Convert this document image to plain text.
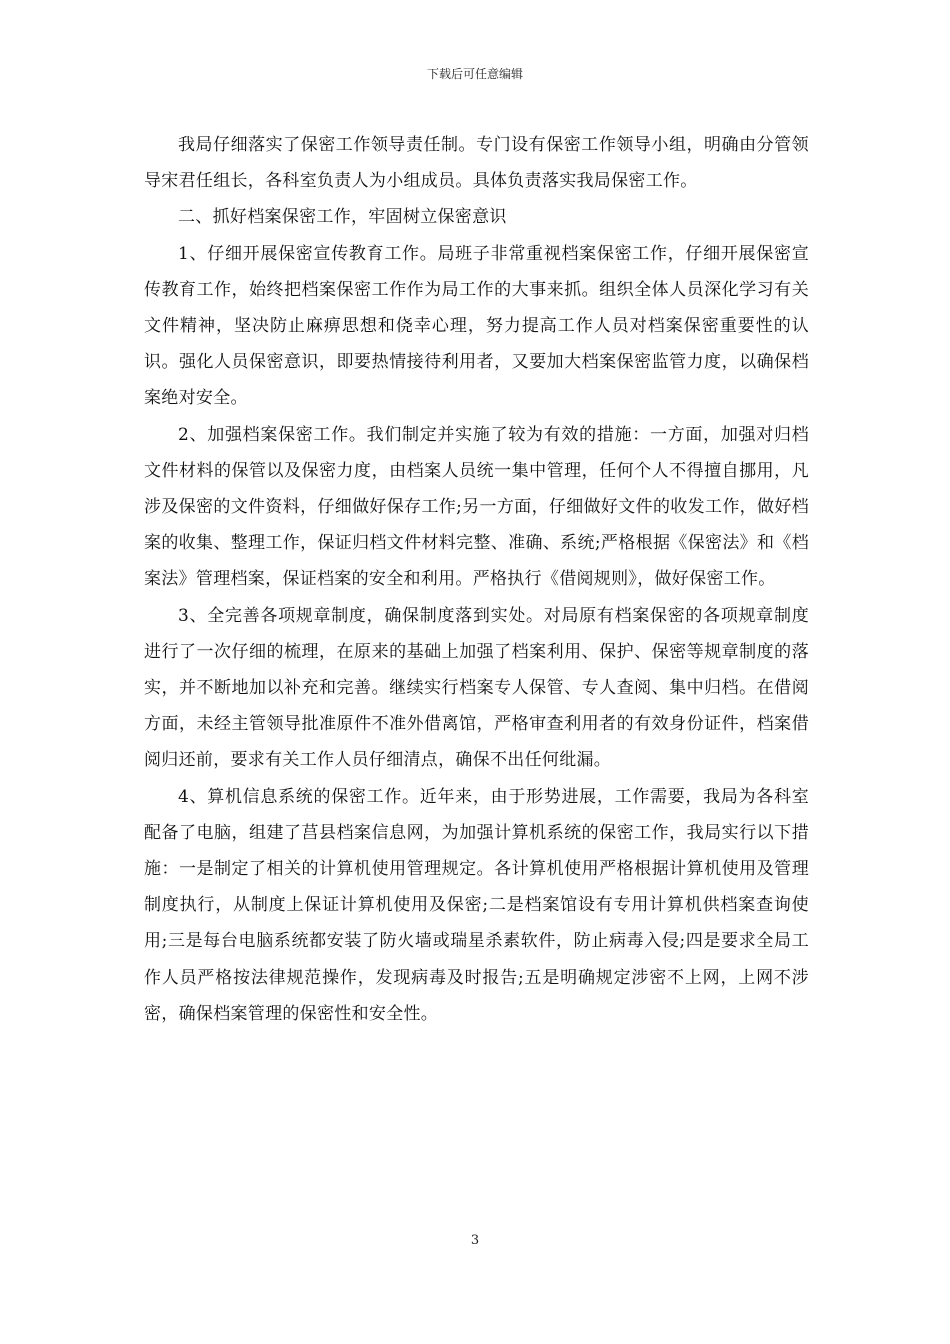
下载后可任意编辑

我局仔细落实了保密工作领导责任制。专门设有保密工作领导小组，明确由分管领导宋君任组长，各科室负责人为小组成员。具体负责落实我局保密工作。

二、抓好档案保密工作，牢固树立保密意识

1、仔细开展保密宣传教育工作。局班子非常重视档案保密工作，仔细开展保密宣传教育工作，始终把档案保密工作作为局工作的大事来抓。组织全体人员深化学习有关文件精神，坚决防止麻痹思想和侥幸心理，努力提高工作人员对档案保密重要性的认识。强化人员保密意识，即要热情接待利用者，又要加大档案保密监管力度，以确保档案绝对安全。

2、加强档案保密工作。我们制定并实施了较为有效的措施：一方面，加强对归档文件材料的保管以及保密力度，由档案人员统一集中管理，任何个人不得擅自挪用，凡涉及保密的文件资料，仔细做好保存工作;另一方面，仔细做好文件的收发工作，做好档案的收集、整理工作，保证归档文件材料完整、准确、系统;严格根据《保密法》和《档案法》管理档案，保证档案的安全和利用。严格执行《借阅规则》，做好保密工作。

3、全完善各项规章制度，确保制度落到实处。对局原有档案保密的各项规章制度进行了一次仔细的梳理，在原来的基础上加强了档案利用、保护、保密等规章制度的落实，并不断地加以补充和完善。继续实行档案专人保管、专人查阅、集中归档。在借阅方面，未经主管领导批准原件不准外借离馆，严格审查利用者的有效身份证件，档案借阅归还前，要求有关工作人员仔细清点，确保不出任何纰漏。

4、算机信息系统的保密工作。近年来，由于形势进展，工作需要，我局为各科室配备了电脑，组建了莒县档案信息网，为加强计算机系统的保密工作，我局实行以下措施：一是制定了相关的计算机使用管理规定。各计算机使用严格根据计算机使用及管理制度执行，从制度上保证计算机使用及保密;二是档案馆设有专用计算机供档案查询使用;三是每台电脑系统都安装了防火墙或瑞星杀素软件，防止病毒入侵;四是要求全局工作人员严格按法律规范操作，发现病毒及时报告;五是明确规定涉密不上网，上网不涉密，确保档案管理的保密性和安全性。

3
